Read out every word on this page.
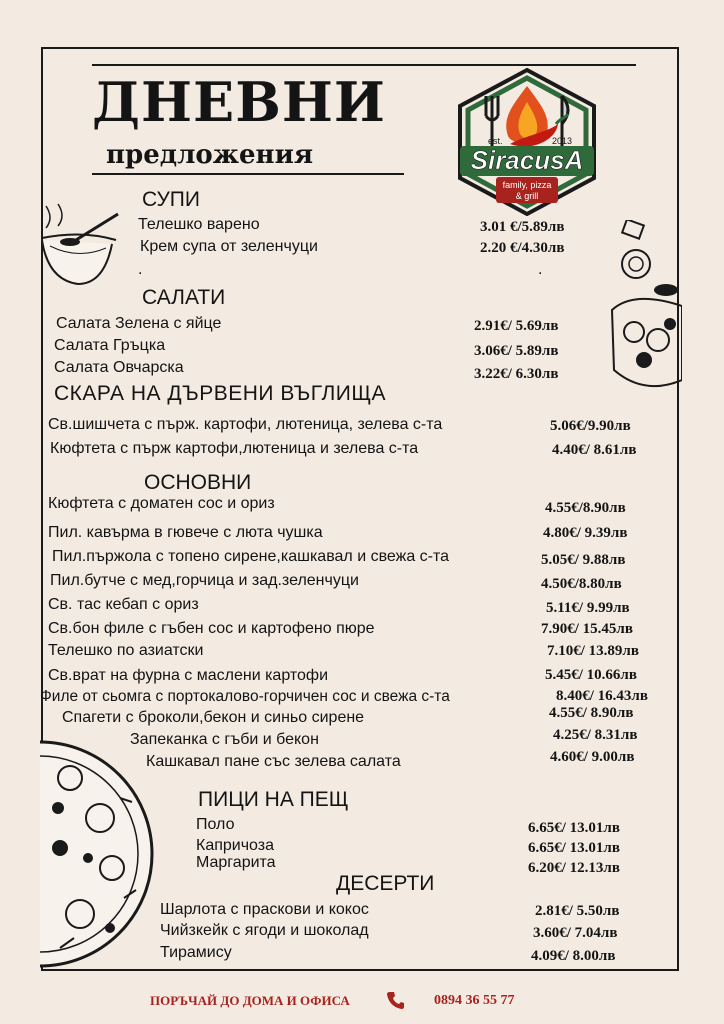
ДНЕВНИ
предложения	est.	2013
SiracusA
family, pizza
& grill
СУПИ
Телешко варено	3.01 €/5.89лв
Крем супа от зеленчуци	2.20 €/4.30лв
.	.
САЛАТИ
Салата Зелена с яйце	2.91€/ 5.69лв
Салата Гръцка	3.06€/ 5.89лв
Салата Овчарска	3.22€/ 6.30лв
СКАРА НА ДЪРВЕНИ ВЪГЛИЩА
Св.шишчета с пърж. картофи, лютеница, зелева с-та	5.06€/9.90лв
Кюфтета с пърж картофи,лютеница и зелева с-та	4.40€/ 8.61лв
ОСНОВНИ
Кюфтета с доматен сос и ориз	4.55€/8.90лв
Пил. кавърма в гювече с люта чушка	4.80€/ 9.39лв
Пил.пържола с топено сирене,кашкавал и свежа с-та	5.05€/ 9.88лв
Пил.бутче с мед,горчица и зад.зеленчуци	4.50€/8.80лв
Св. тас кебап с ориз	5.11€/ 9.99лв
Св.бон филе с гъбен сос и картофено пюре	7.90€/ 15.45лв
Телешко по азиатски	7.10€/ 13.89лв
Св.врат на фурна с маслени картофи	5.45€/ 10.66лв
Филе от сьомга с портокалово-горчичен сос и свежа с-та	8.40€/ 16.43лв
Спагети с броколи,бекон и синьо сирене	4.55€/ 8.90лв
Запеканка с гъби и бекон	4.25€/ 8.31лв
Кашкавал пане със зелева салата	4.60€/ 9.00лв
ПИЦИ НА ПЕЩ
Поло	6.65€/ 13.01лв
Капричоза	6.65€/ 13.01лв
Маргарита	6.20€/ 12.13лв
ДЕСЕРТИ
Шарлота с праскови и кокос	2.81€/ 5.50лв
Чийзкейк с ягоди и шоколад	3.60€/ 7.04лв
Тирамису	4.09€/ 8.00лв
ПОРЪЧАЙ ДО ДОМА И ОФИСА	0894 36 55 77
